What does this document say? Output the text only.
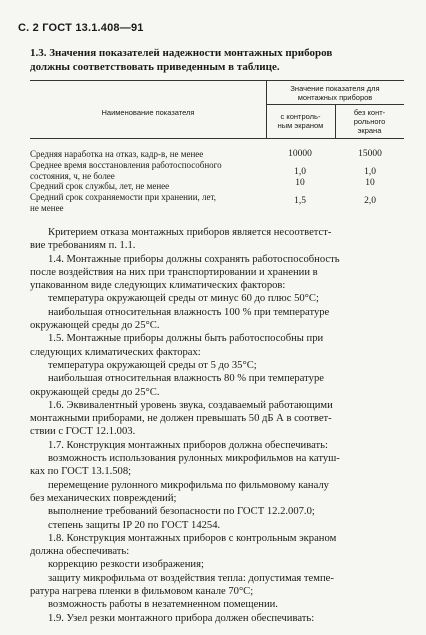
С. 2 ГОСТ 13.1.408—91
1.3. Значения показателей надежности монтажных приборов
должны соответствовать приведенным в таблице.
Наименование показателя
Значение показателя для
монтажных приборов
с контроль-
ным экраном
без конт-
рольного
экрана
Средняя наработка на отказ, кадр-в, не менее	10000	15000
Среднее время восстановления работоспособного
состояния, ч, не более	1,0	1,0
Средний срок службы, лет, не менее	10	10
Средний срок сохраняемости при хранении, лет,
не менее
1,5	2,0
Критерием отказа монтажных приборов является несоответст-
вие требованиям п. 1.1.
1.4. Монтажные приборы должны сохранять работоспособность
после воздействия на них при транспортировании и хранении в
упакованном виде следующих климатических факторов:
температура окружающей среды от минус 60 до плюс 50°С;
наибольшая относительная влажность 100 % при температуре
окружающей среды до 25°С.
1.5. Монтажные приборы должны быть работоспособны при
следующих климатических факторах:
температура окружающей среды от 5 до 35°С;
наибольшая относительная влажность 80 % при температуре
окружающей среды до 25°С.
1.6. Эквивалентный уровень звука, создаваемый работающими
монтажными приборами, не должен превышать 50 дБ А в соответ-
ствии с ГОСТ 12.1.003.
1.7. Конструкция монтажных приборов должна обеспечивать:
возможность использования рулонных микрофильмов на катуш-
ках по ГОСТ 13.1.508;
перемещение рулонного микрофильма по фильмовому каналу
без механических повреждений;
выполнение требований безопасности по ГОСТ 12.2.007.0;
степень защиты IP 20 по ГОСТ 14254.
1.8. Конструкция монтажных приборов с контрольным экраном
должна обеспечивать:
коррекцию резкости изображения;
защиту микрофильма от воздействия тепла: допустимая темпе-
ратура нагрева пленки в фильмовом канале 70°С;
возможность работы в незатемненном помещении.
1.9. Узел резки монтажного прибора должен обеспечивать:
